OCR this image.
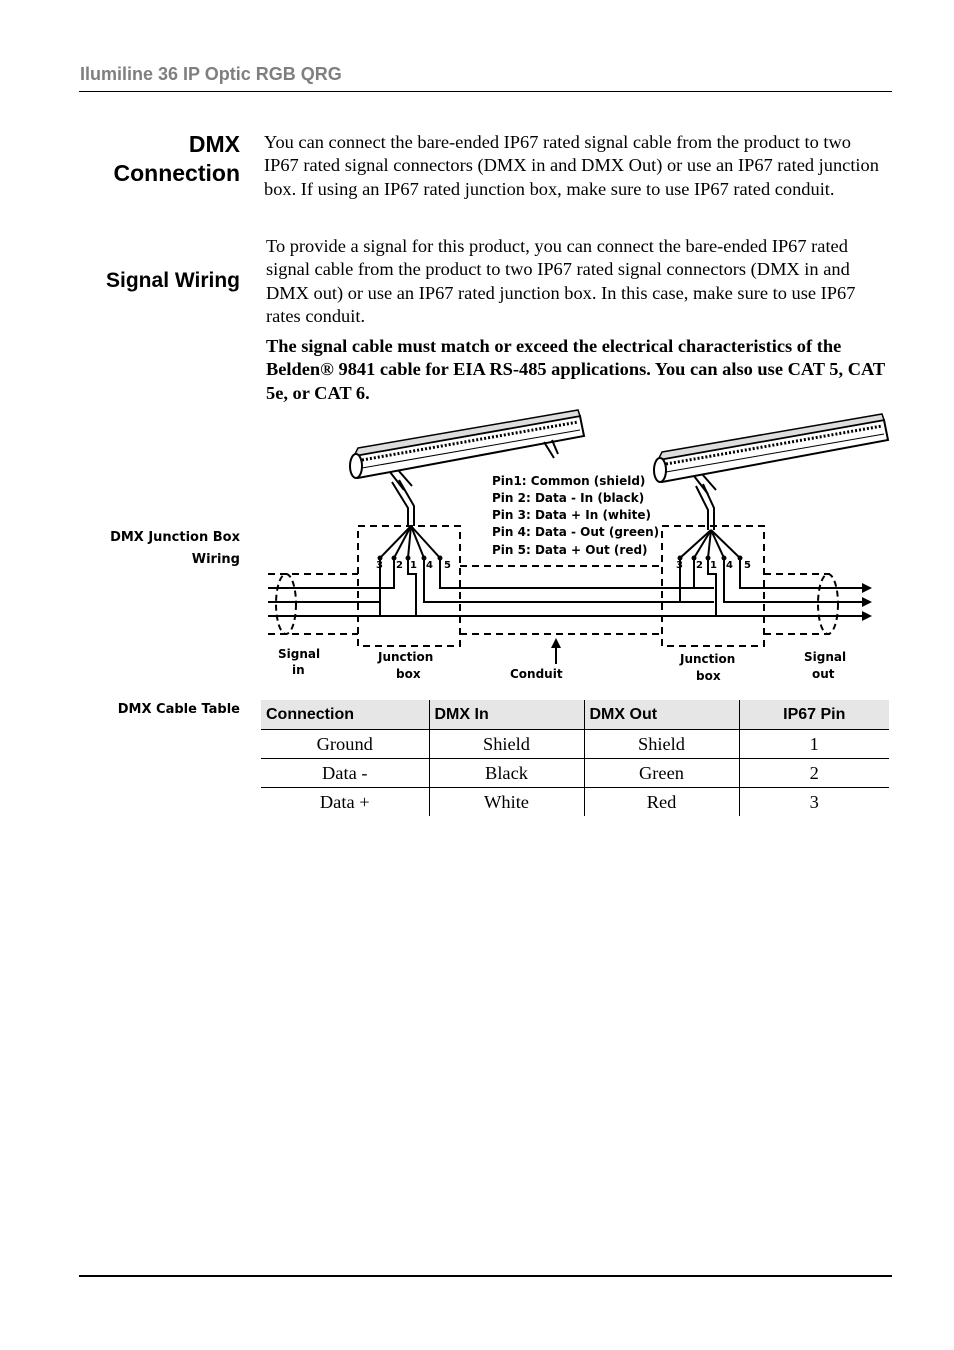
Ilumiline 36 IP Optic RGB QRG
DMX
Connection

You can connect the bare-ended IP67 rated signal cable from the product to two IP67 rated signal connectors (DMX in and DMX Out) or use an IP67 rated junction box. If using an IP67 rated junction box, make sure to use IP67 rated conduit.

Signal Wiring

To provide a signal for this product, you can connect the bare-ended IP67 rated signal cable from the product to two IP67 rated signal connectors (DMX in and DMX out) or use an IP67 rated junction box. In this case, make sure to use IP67 rates conduit.

The signal cable must match or exceed the electrical characteristics of the Belden® 9841 cable for EIA RS-485 applications. You can also use CAT 5, CAT 5e, or CAT 6.

DMX Junction Box
Wiring	3 2 1 4 5	3 2 1 4 5
Pin1: Common (shield)
Pin 2: Data - In (black)
Pin 3: Data + In (white)
Pin 4: Data - Out (green)
Pin 5: Data + Out (red)
Signal
in
Junction
box	Conduit
Junction
box
Signal
out
DMX Cable Table Connection	DMX In	DMX Out	IP67 Pin
Ground	Shield	Shield	1
Data -	Black	Green	2
Data +	White	Red	3
